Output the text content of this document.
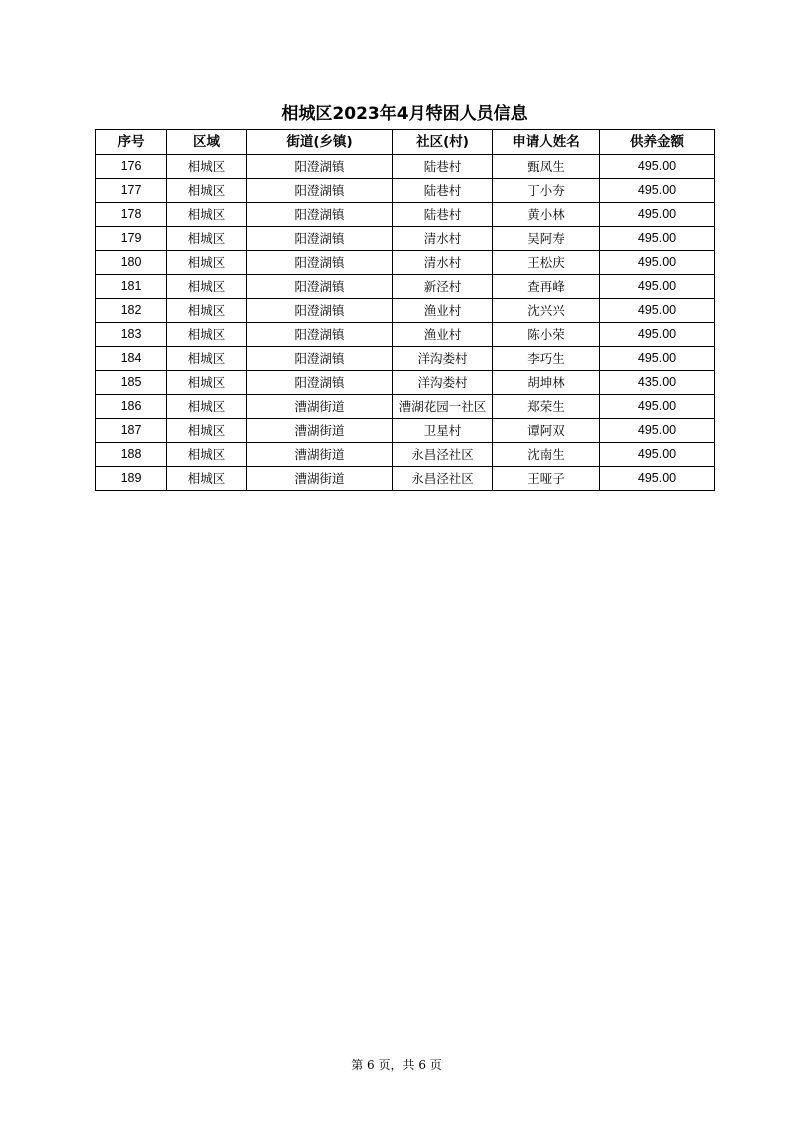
相城区2023年4月特困人员信息
序号	区域	街道(乡镇)	社区(村)	申请人姓名	供养金额
176	相城区	阳澄湖镇	陆巷村	甄凤生	495.00
177	相城区	阳澄湖镇	陆巷村	丁小夯	495.00
178	相城区	阳澄湖镇	陆巷村	黄小林	495.00
179	相城区	阳澄湖镇	清水村	吴阿寿	495.00
180	相城区	阳澄湖镇	清水村	王松庆	495.00
181	相城区	阳澄湖镇	新泾村	查再峰	495.00
182	相城区	阳澄湖镇	渔业村	沈兴兴	495.00
183	相城区	阳澄湖镇	渔业村	陈小荣	495.00
184	相城区	阳澄湖镇	洋沟娄村	李巧生	495.00
185	相城区	阳澄湖镇	洋沟娄村	胡坤林	435.00
186	相城区	漕湖街道	漕湖花园一社区	郑荣生	495.00
187	相城区	漕湖街道	卫星村	谭阿双	495.00
188	相城区	漕湖街道	永昌泾社区	沈南生	495.00
189	相城区	漕湖街道	永昌泾社区	王哑子	495.00
第 6 页，共 6 页
